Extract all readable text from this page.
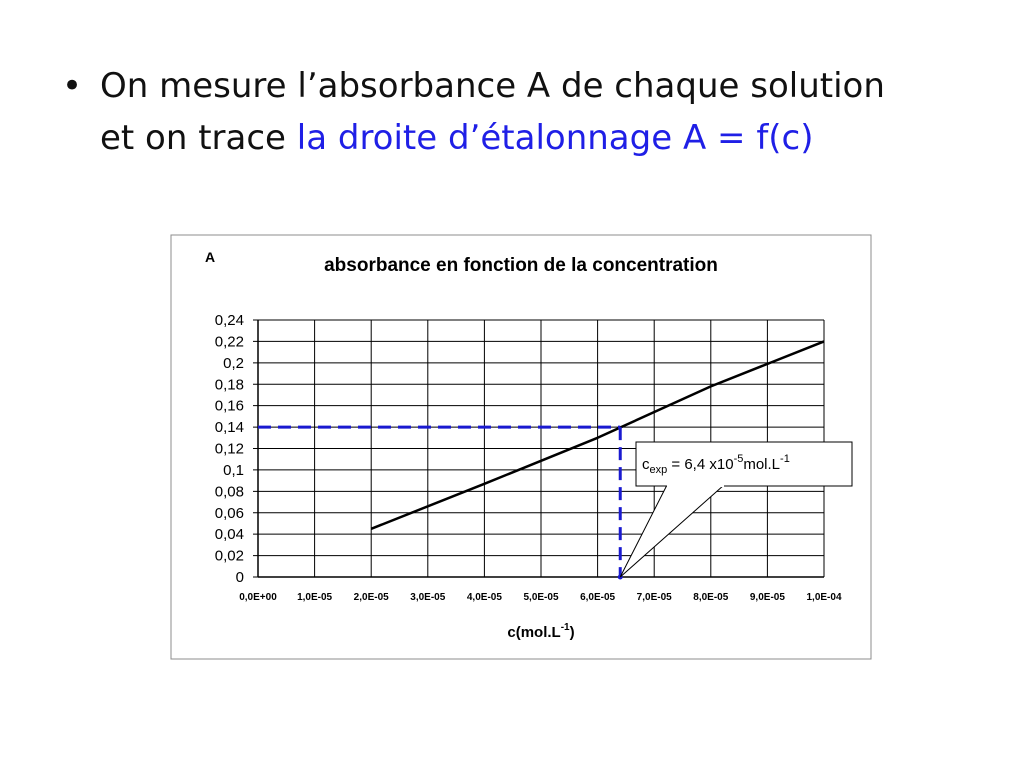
• On mesure l’absorbance A de chaque solution
et on trace la droite d’étalonnage A = f(c)
A	absorbance en fonction de la concentration
0
0,02
0,04
0,06
0,08
0,1
0,12
0,14
0,16
0,18
0,2
0,22
0,24
0,0E+00 1,0E-05 2,0E-05 3,0E-05 4,0E-05 5,0E-05 6,0E-05 7,0E-05 8,0E-05 9,0E-05 1,0E-04
$c_{exp} = 6,4$ $x10^{-5}mol.L^{-1}$
$c(mol.L^{-1})$
